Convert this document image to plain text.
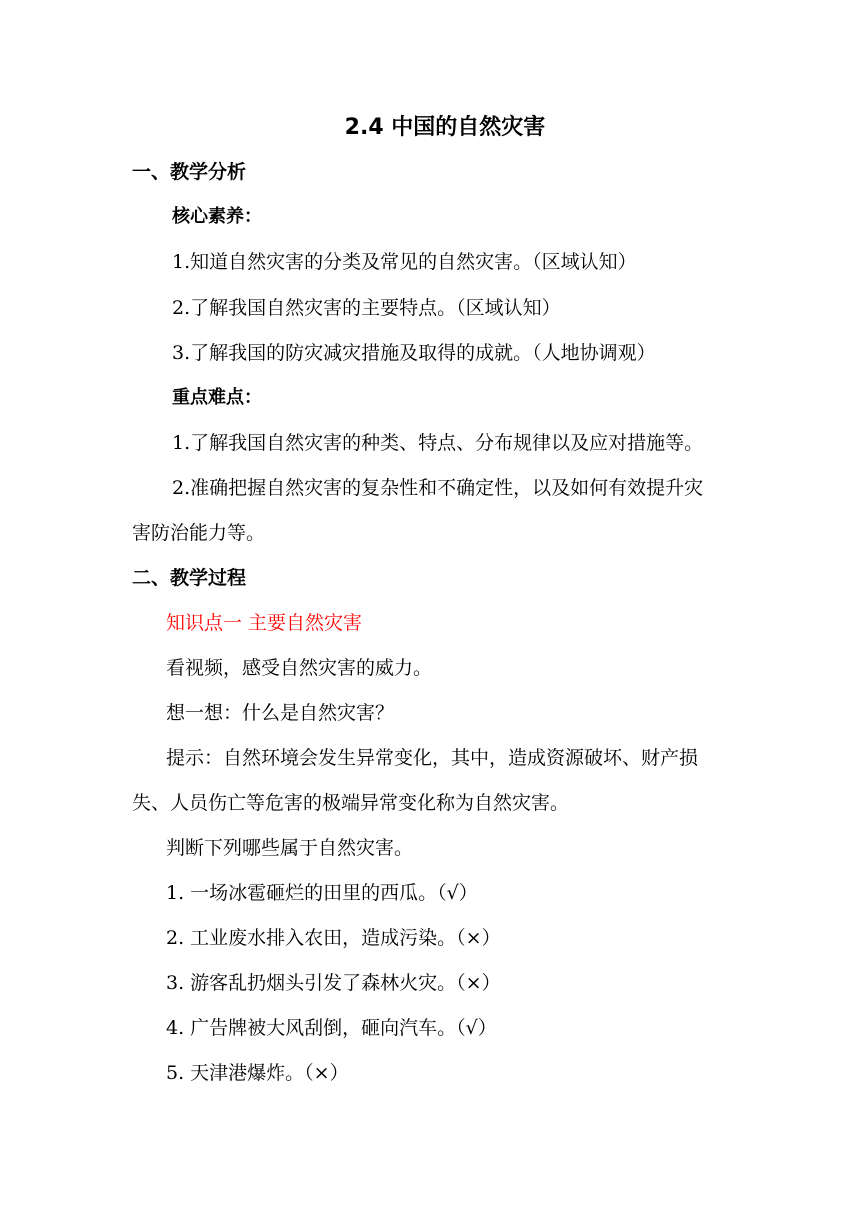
2.4 中国的自然灾害
一、教学分析
核心素养：
1.知道自然灾害的分类及常见的自然灾害。（区域认知）
2.了解我国自然灾害的主要特点。（区域认知）
3.了解我国的防灾减灾措施及取得的成就。（人地协调观）
重点难点：
1.了解我国自然灾害的种类、特点、分布规律以及应对措施等。
2.准确把握自然灾害的复杂性和不确定性，以及如何有效提升灾
害防治能力等。
二、教学过程
知识点一 主要自然灾害
看视频，感受自然灾害的威力。
想一想：什么是自然灾害？
提示：自然环境会发生异常变化，其中，造成资源破坏、财产损
失、人员伤亡等危害的极端异常变化称为自然灾害。
判断下列哪些属于自然灾害。
1. 一场冰雹砸烂的田里的西瓜。（√）
2. 工业废水排入农田，造成污染。（×）
3. 游客乱扔烟头引发了森林火灾。（×）
4. 广告牌被大风刮倒，砸向汽车。（√）
5. 天津港爆炸。（×）
